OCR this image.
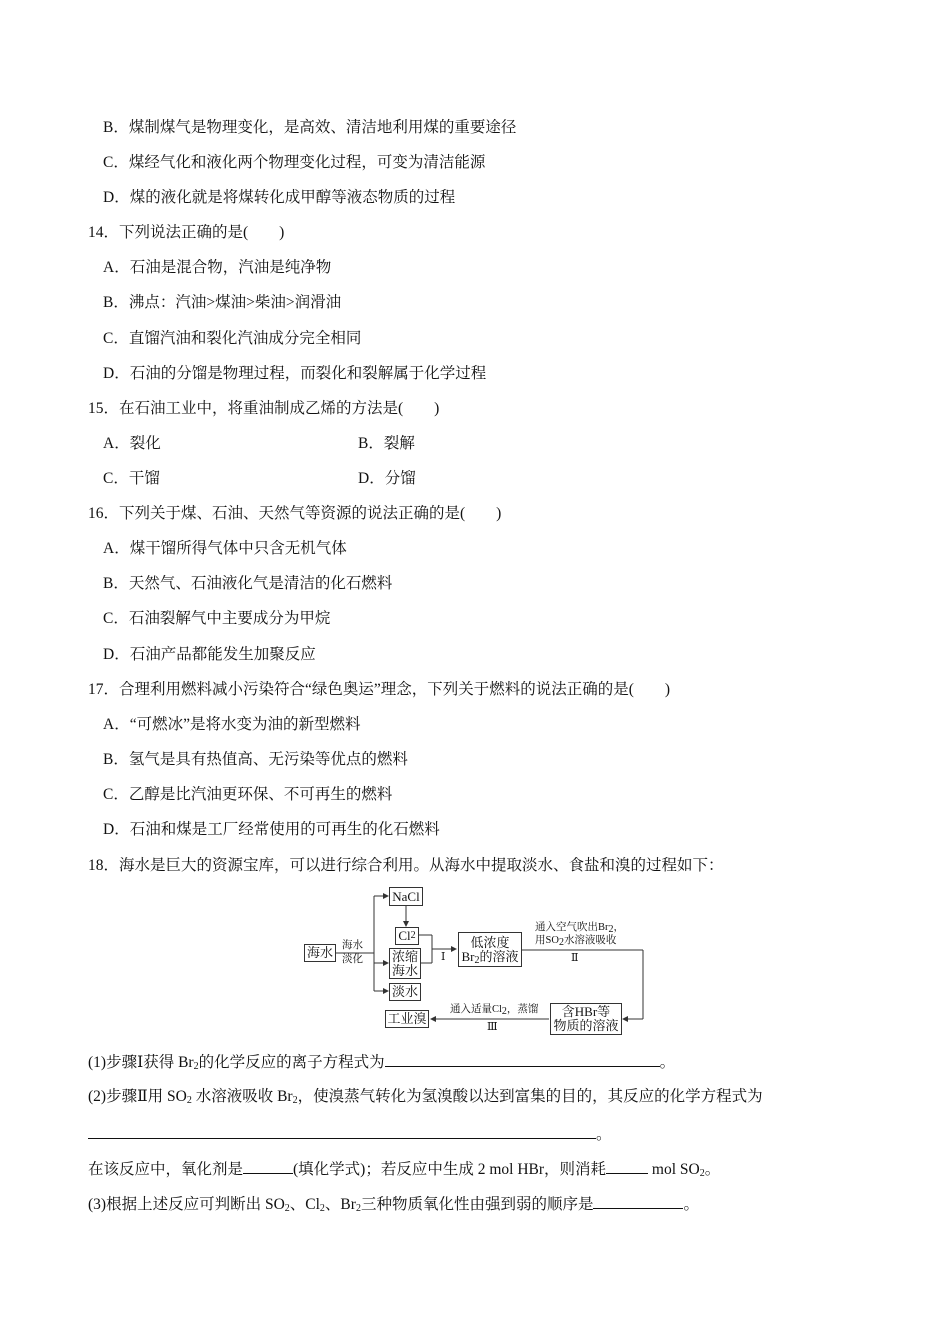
B．煤制煤气是物理变化，是高效、清洁地利用煤的重要途径
C．煤经气化和液化两个物理变化过程，可变为清洁能源
D．煤的液化就是将煤转化成甲醇等液态物质的过程
14．下列说法正确的是(　　)
A．石油是混合物，汽油是纯净物
B．沸点：汽油>煤油>柴油>润滑油
C．直馏汽油和裂化汽油成分完全相同
D．石油的分馏是物理过程，而裂化和裂解属于化学过程
15．在石油工业中，将重油制成乙烯的方法是(　　)
A．裂化	B．裂解
C．干馏	D．分馏
16．下列关于煤、石油、天然气等资源的说法正确的是(　　)
A．煤干馏所得气体中只含无机气体
B．天然气、石油液化气是清洁的化石燃料
C．石油裂解气中主要成分为甲烷
D．石油产品都能发生加聚反应
17．合理利用燃料减小污染符合“绿色奥运”理念，下列关于燃料的说法正确的是(　　)
A．“可燃冰”是将水变为油的新型燃料
B．氢气是具有热值高、无污染等优点的燃料
C．乙醇是比汽油更环保、不可再生的燃料
D．石油和煤是工厂经常使用的可再生的化石燃料
18．海水是巨大的资源宝库，可以进行综合利用。从海水中提取淡水、食盐和溴的过程如下：
海水 海水
淡化
NaCl
Cl 2
浓缩
海水
淡水
Ⅰ
低浓度
$Br_2$的溶液
通入空气吹出$Br_2$，
用$SO_2$水溶液吸收
Ⅱ
含HBr等
物质的溶液
通入适量$Cl_2$，蒸馏
Ⅲ
工业溴
(1)步骤Ⅰ获得 $Br_2$的化学反应的离子方程式为	。
(2)步骤Ⅱ用 $SO_2$ 水溶液吸收 $Br_2$，使溴蒸气转化为氢溴酸以达到富集的目的，其反应的化学方程式为
。
在该反应中，氧化剂是	(填化学式)；若反应中生成 2 mol HBr，则消耗	mol $SO_2$。
(3)根据上述反应可判断出 $SO_2$、$Cl_2$、$Br_2$三种物质氧化性由强到弱的顺序是	。
